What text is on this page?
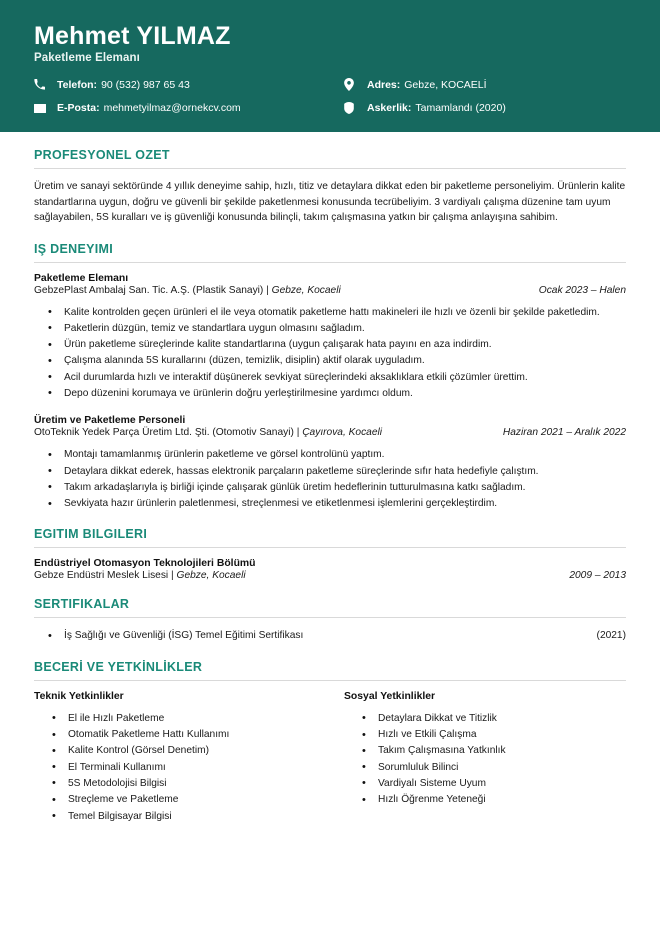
Mehmet YILMAZ
Paketleme Elemanı
Telefon: 90 (532) 987 65 43	Adres: Gebze, KOCAELİ
E-Posta: mehmetyilmaz@ornekcv.com	Askerlik: Tamamlandı (2020)
PROFESYONEL OZET

Üretim ve sanayi sektöründe 4 yıllık deneyime sahip, hızlı, titiz ve detaylara dikkat eden bir paketleme personeliyim. Ürünlerin kalite standartlarına uygun, doğru ve güvenli bir şekilde paketlenmesi konusunda tecrübeliyim. 3 vardiyalı çalışma düzenine tam uyum sağlayabilen, 5S kuralları ve iş güvenliği konusunda bilinçli, takım çalışmasına yatkın bir çalışma anlayışına sahibim.

IŞ DENEYIMI
Paketleme Elemanı
GebzePlast Ambalaj San. Tic. A.Ş. (Plastik Sanayi) | Gebze, Kocaeli	Ocak 2023 – Halen
• Kalite kontrolden geçen ürünleri el ile veya otomatik paketleme hattı makineleri ile hızlı ve özenli bir şekilde paketledim.
• Paketlerin düzgün, temiz ve standartlara uygun olmasını sağladım.
• Ürün paketleme süreçlerinde kalite standartlarına (uygun çalışarak hata payını en aza indirdim.
• Çalışma alanında 5S kurallarını (düzen, temizlik, disiplin) aktif olarak uyguladım.
• Acil durumlarda hızlı ve interaktif düşünerek sevkiyat süreçlerindeki aksaklıklara etkili çözümler ürettim.
• Depo düzenini korumaya ve ürünlerin doğru yerleştirilmesine yardımcı oldum.
Üretim ve Paketleme Personeli
OtoTeknik Yedek Parça Üretim Ltd. Şti. (Otomotiv Sanayi) | Çayırova, Kocaeli	Haziran 2021 – Aralık 2022
• Montajı tamamlanmış ürünlerin paketleme ve görsel kontrolünü yaptım.
• Detaylara dikkat ederek, hassas elektronik parçaların paketleme süreçlerinde sıfır hata hedefiyle çalıştım.
• Takım arkadaşlarıyla iş birliği içinde çalışarak günlük üretim hedeflerinin tutturulmasına katkı sağladım.
• Sevkiyata hazır ürünlerin paletlenmesi, streçlenmesi ve etiketlenmesi işlemlerini gerçekleştirdim.
EGITIM BILGILERI
Endüstriyel Otomasyon Teknolojileri Bölümü
Gebze Endüstri Meslek Lisesi | Gebze, Kocaeli	2009 – 2013
SERTIFIKALAR
• İş Sağlığı ve Güvenliği (İSG) Temel Eğitimi Sertifikası	(2021)
BECERİ VE YETKİNLİKLER
Teknik Yetkinlikler
• El ile Hızlı Paketleme
• Otomatik Paketleme Hattı Kullanımı
• Kalite Kontrol (Görsel Denetim)
• El Terminali Kullanımı
• 5S Metodolojisi Bilgisi
• Streçleme ve Paketleme
• Temel Bilgisayar Bilgisi
Sosyal Yetkinlikler
• Detaylara Dikkat ve Titizlik
• Hızlı ve Etkili Çalışma
• Takım Çalışmasına Yatkınlık
• Sorumluluk Bilinci
• Vardiyalı Sisteme Uyum
• Hızlı Öğrenme Yeteneği
